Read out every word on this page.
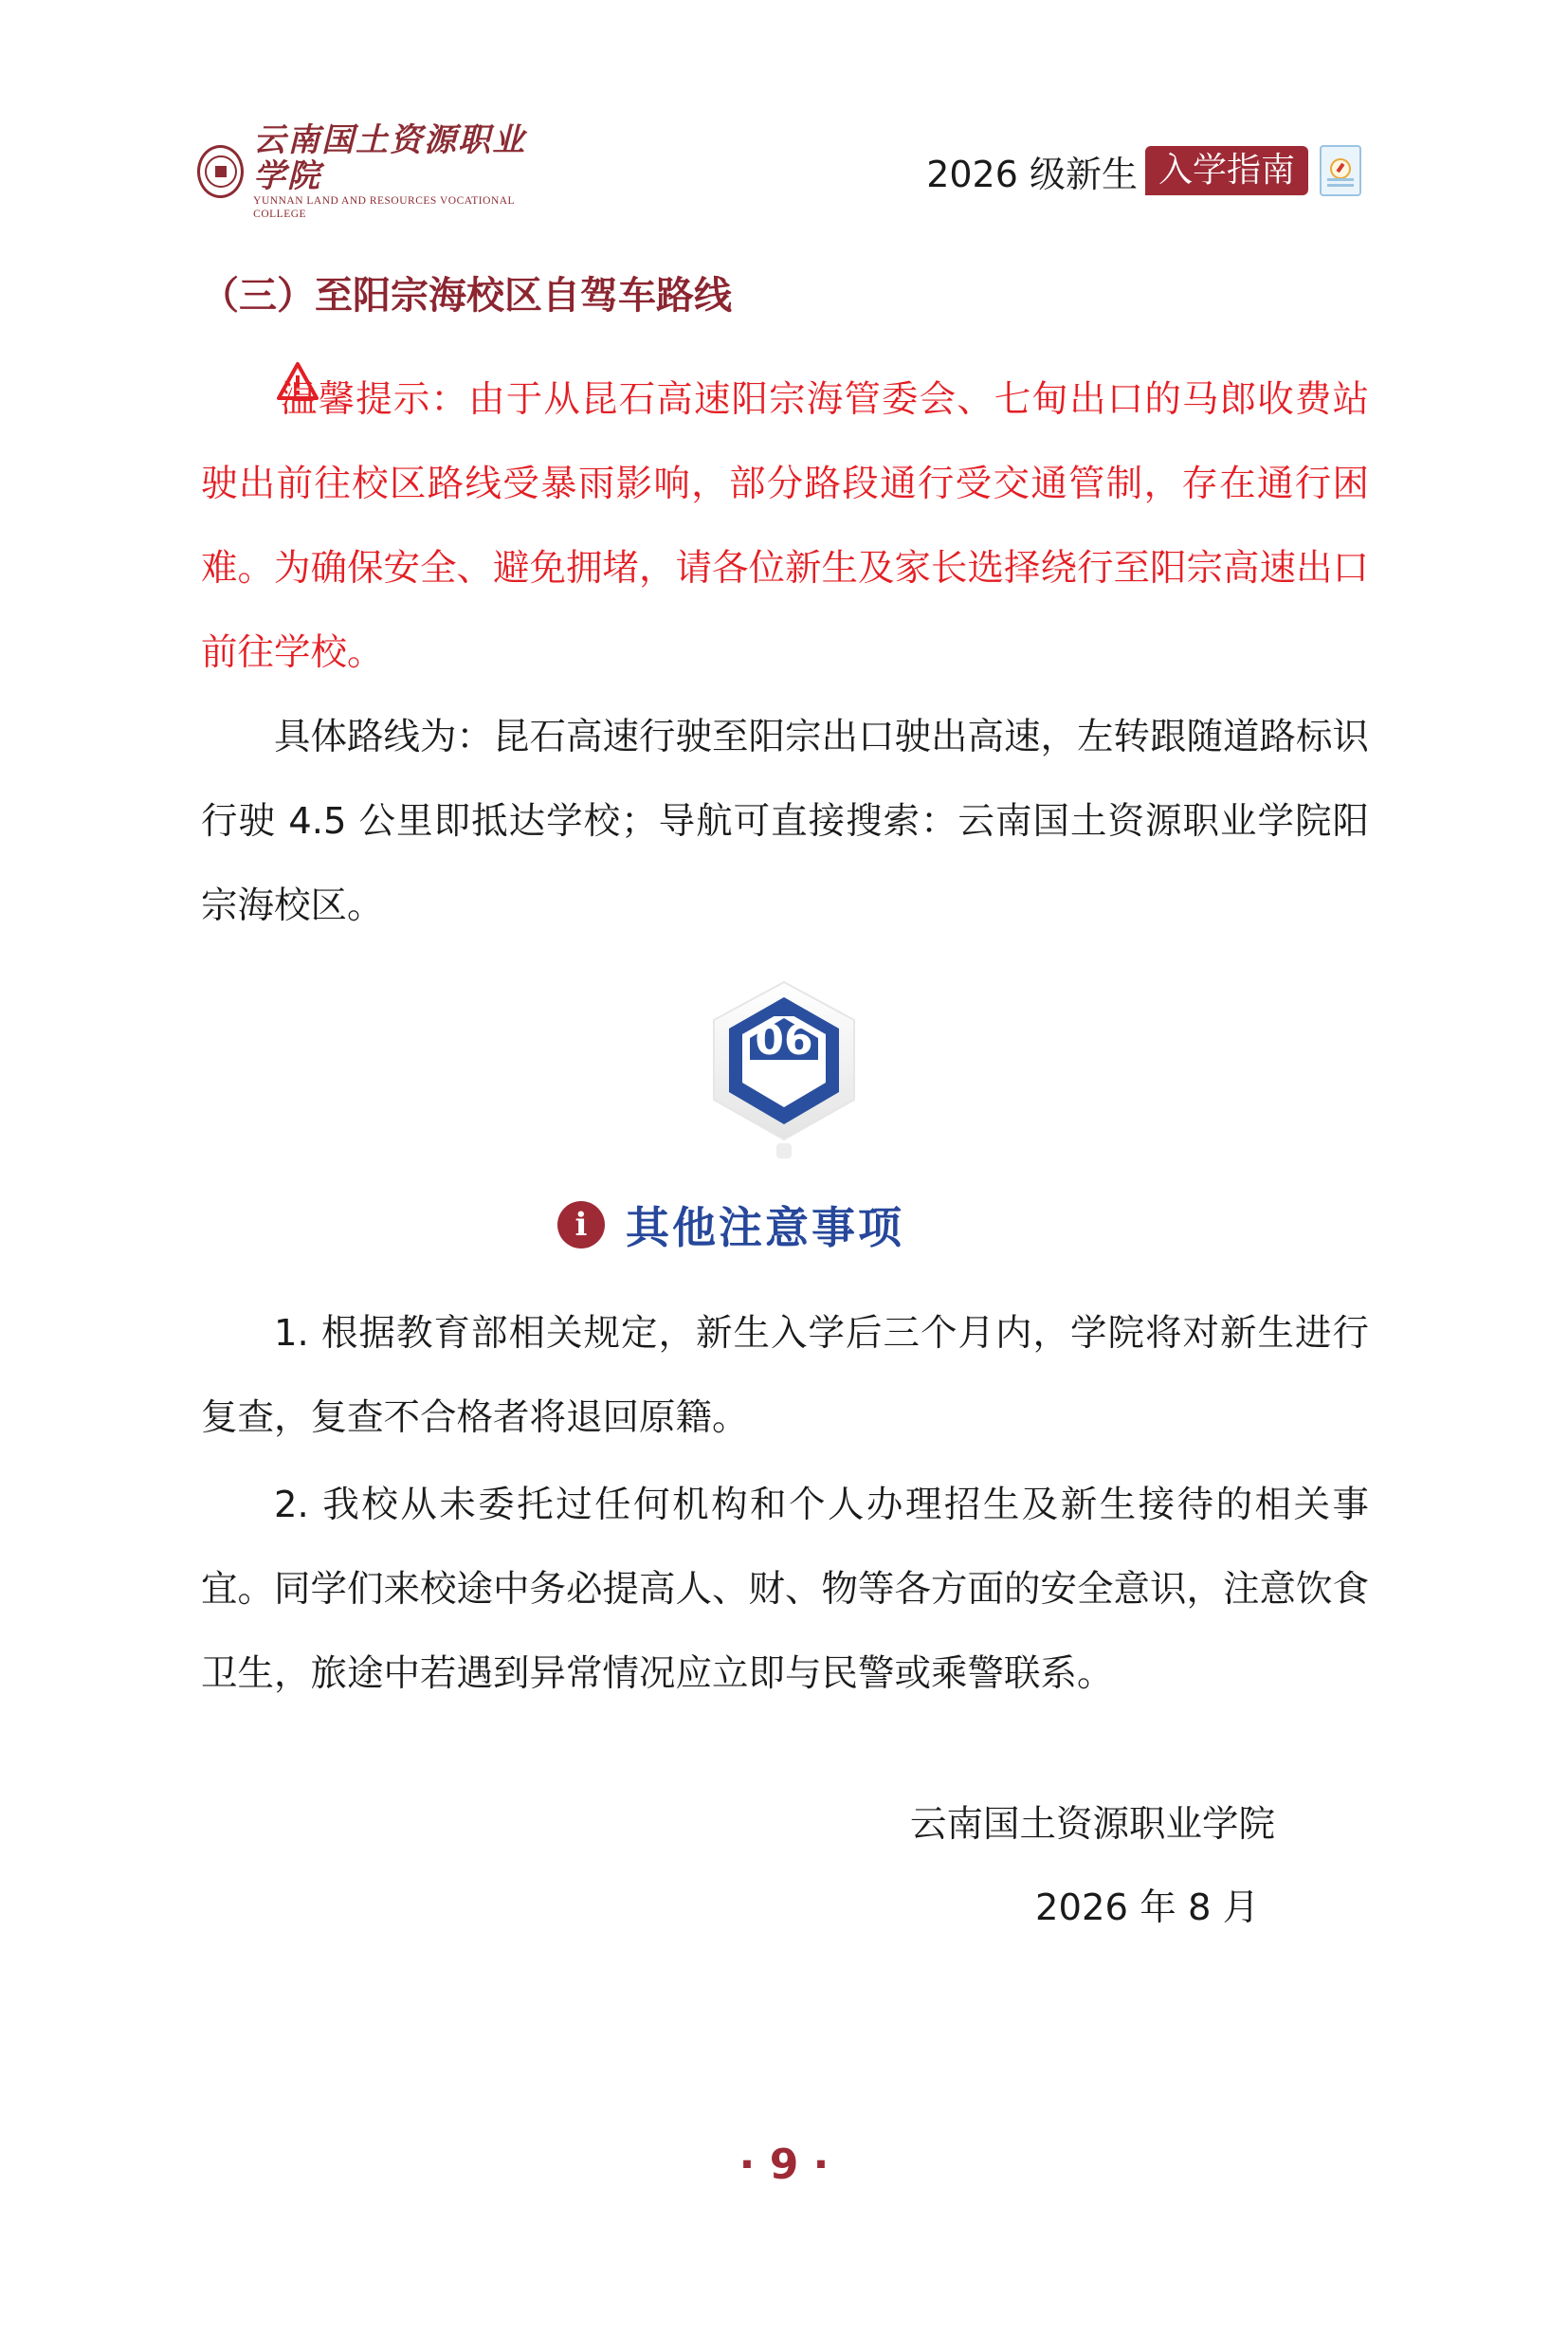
云南国土资源职业学院
YUNNAN LAND AND RESOURCES VOCATIONAL COLLEGE
2026 级新生 入学指南
（三）至阳宗海校区自驾车路线

温馨提示：由于从昆石高速阳宗海管委会、七甸出口的马郎收费站驶出前往校区路线受暴雨影响，部分路段通行受交通管制，存在通行困难。为确保安全、避免拥堵，请各位新生及家长选择绕行至阳宗高速出口前往学校。

具体路线为：昆石高速行驶至阳宗出口驶出高速，左转跟随道路标识行驶 4.5 公里即抵达学校；导航可直接搜索：云南国土资源职业学院阳宗海校区。

06
i 其他注意事项

1. 根据教育部相关规定，新生入学后三个月内，学院将对新生进行复查，复查不合格者将退回原籍。

2. 我校从未委托过任何机构和个人办理招生及新生接待的相关事宜。同学们来校途中务必提高人、财、物等各方面的安全意识，注意饮食卫生，旅途中若遇到异常情况应立即与民警或乘警联系。

云南国土资源职业学院
2026 年 8 月
· 9 ·
